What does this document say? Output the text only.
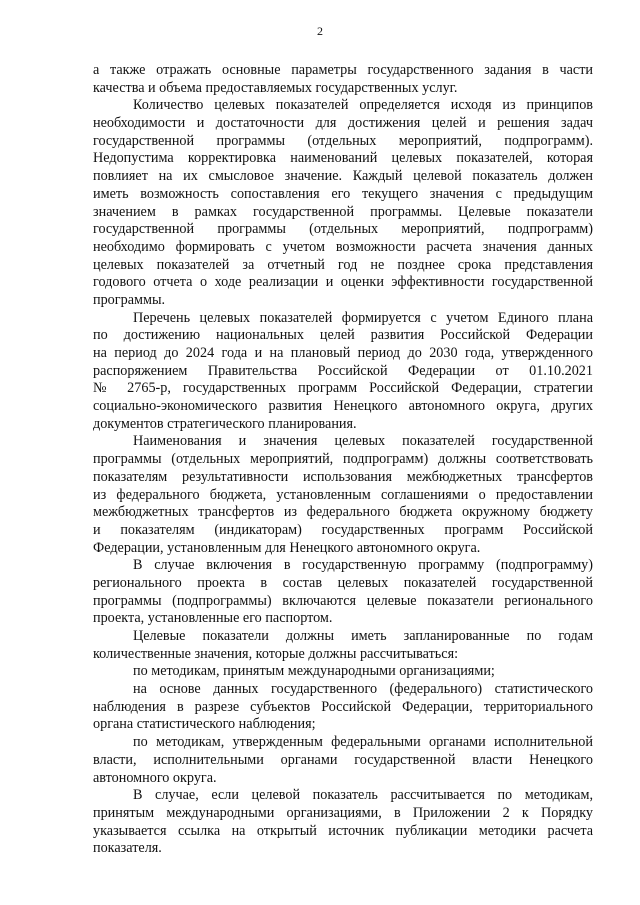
2
а также отражать основные параметры государственного задания в части
качества и объема предоставляемых государственных услуг.
Количество целевых показателей определяется исходя из принципов
необходимости и достаточности для достижения целей и решения задач
государственной программы (отдельных мероприятий, подпрограмм).
Недопустима корректировка наименований целевых показателей, которая
повлияет на их смысловое значение. Каждый целевой показатель должен
иметь возможность сопоставления его текущего значения с предыдущим
значением в рамках государственной программы. Целевые показатели
государственной программы (отдельных мероприятий, подпрограмм)
необходимо формировать с учетом возможности расчета значения данных
целевых показателей за отчетный год не позднее срока представления
годового отчета о ходе реализации и оценки эффективности государственной
программы.
Перечень целевых показателей формируется с учетом Единого плана
по достижению национальных целей развития Российской Федерации
на период до 2024 года и на плановый период до 2030 года, утвержденного
распоряжением Правительства Российской Федерации от 01.10.2021
№ 2765-р, государственных программ Российской Федерации, стратегии
социально-экономического развития Ненецкого автономного округа, других
документов стратегического планирования.
Наименования и значения целевых показателей государственной
программы (отдельных мероприятий, подпрограмм) должны соответствовать
показателям результативности использования межбюджетных трансфертов
из федерального бюджета, установленным соглашениями о предоставлении
межбюджетных трансфертов из федерального бюджета окружному бюджету
и показателям (индикаторам) государственных программ Российской
Федерации, установленным для Ненецкого автономного округа.
В случае включения в государственную программу (подпрограмму)
регионального проекта в состав целевых показателей государственной
программы (подпрограммы) включаются целевые показатели регионального
проекта, установленные его паспортом.
Целевые показатели должны иметь запланированные по годам
количественные значения, которые должны рассчитываться:
по методикам, принятым международными организациями;
на основе данных государственного (федерального) статистического
наблюдения в разрезе субъектов Российской Федерации, территориального
органа статистического наблюдения;
по методикам, утвержденным федеральными органами исполнительной
власти, исполнительными органами государственной власти Ненецкого
автономного округа.
В случае, если целевой показатель рассчитывается по методикам,
принятым международными организациями, в Приложении 2 к Порядку
указывается ссылка на открытый источник публикации методики расчета
показателя.
